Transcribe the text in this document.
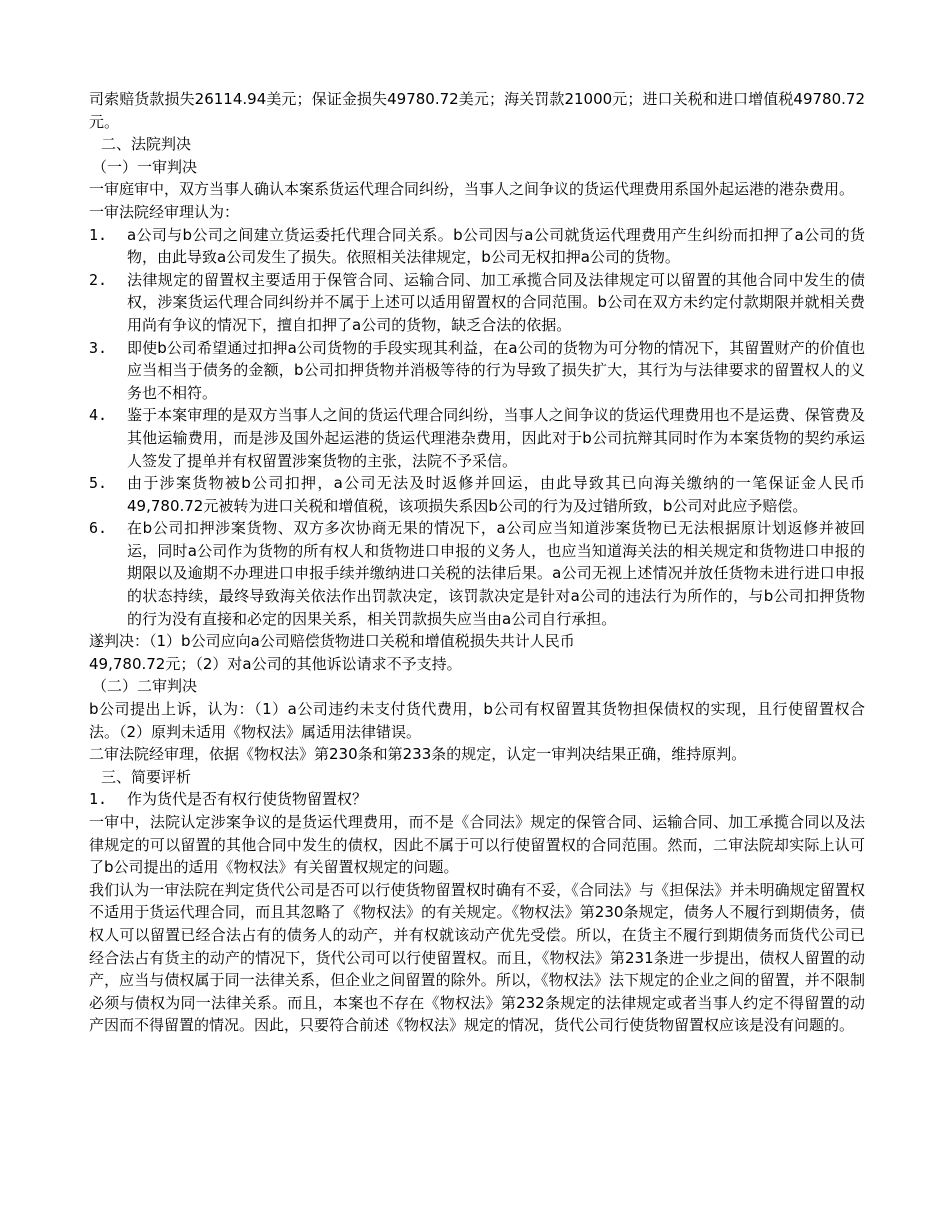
司索赔货款损失26114.94美元；保证金损失49780.72美元；海关罚款21000元；进口关税和进口增值税49780.72元。

二、法院判决

（一）一审判决

一审庭审中，双方当事人确认本案系货运代理合同纠纷，当事人之间争议的货运代理费用系国外起运港的港杂费用。

一审法院经审理认为：

1.	a公司与b公司之间建立货运委托代理合同关系。b公司因与a公司就货运代理费用产生纠纷而扣押了a公司的货物，由此导致a公司发生了损失。依照相关法律规定，b公司无权扣押a公司的货物。
2.	法律规定的留置权主要适用于保管合同、运输合同、加工承揽合同及法律规定可以留置的其他合同中发生的债权，涉案货运代理合同纠纷并不属于上述可以适用留置权的合同范围。b公司在双方未约定付款期限并就相关费用尚有争议的情况下，擅自扣押了a公司的货物，缺乏合法的依据。
3.	即使b公司希望通过扣押a公司货物的手段实现其利益，在a公司的货物为可分物的情况下，其留置财产的价值也应当相当于债务的金额，b公司扣押货物并消极等待的行为导致了损失扩大，其行为与法律要求的留置权人的义务也不相符。
4.	鉴于本案审理的是双方当事人之间的货运代理合同纠纷，当事人之间争议的货运代理费用也不是运费、保管费及其他运输费用，而是涉及国外起运港的货运代理港杂费用，因此对于b公司抗辩其同时作为本案货物的契约承运人签发了提单并有权留置涉案货物的主张，法院不予采信。
5.	由于涉案货物被b公司扣押，a公司无法及时返修并回运，由此导致其已向海关缴纳的一笔保证金人民币49,780.72元被转为进口关税和增值税，该项损失系因b公司的行为及过错所致，b公司对此应予赔偿。
6.	在b公司扣押涉案货物、双方多次协商无果的情况下，a公司应当知道涉案货物已无法根据原计划返修并被回运，同时a公司作为货物的所有权人和货物进口申报的义务人，也应当知道海关法的相关规定和货物进口申报的期限以及逾期不办理进口申报手续并缴纳进口关税的法律后果。a公司无视上述情况并放任货物未进行进口申报的状态持续，最终导致海关依法作出罚款决定，该罚款决定是针对a公司的违法行为所作的，与b公司扣押货物的行为没有直接和必定的因果关系，相关罚款损失应当由a公司自行承担。

遂判决：（1）b公司应向a公司赔偿货物进口关税和增值税损失共计人民币

49,780.72元；（2）对a公司的其他诉讼请求不予支持。

（二）二审判决

b公司提出上诉，认为：（1）a公司违约未支付货代费用，b公司有权留置其货物担保债权的实现，且行使留置权合法。（2）原判未适用《物权法》属适用法律错误。

二审法院经审理，依据《物权法》第230条和第233条的规定，认定一审判决结果正确，维持原判。

三、简要评析

1. 作为货代是否有权行使货物留置权？

一审中，法院认定涉案争议的是货运代理费用，而不是《合同法》规定的保管合同、运输合同、加工承揽合同以及法律规定的可以留置的其他合同中发生的债权，因此不属于可以行使留置权的合同范围。然而，二审法院却实际上认可了b公司提出的适用《物权法》有关留置权规定的问题。

我们认为一审法院在判定货代公司是否可以行使货物留置权时确有不妥，《合同法》与《担保法》并未明确规定留置权不适用于货运代理合同，而且其忽略了《物权法》的有关规定。《物权法》第230条规定，债务人不履行到期债务，债权人可以留置已经合法占有的债务人的动产，并有权就该动产优先受偿。所以，在货主不履行到期债务而货代公司已经合法占有货主的动产的情况下，货代公司可以行使留置权。而且，《物权法》第231条进一步提出，债权人留置的动产，应当与债权属于同一法律关系，但企业之间留置的除外。所以，《物权法》法下规定的企业之间的留置，并不限制必须与债权为同一法律关系。而且，本案也不存在《物权法》第232条规定的法律规定或者当事人约定不得留置的动产因而不得留置的情况。因此，只要符合前述《物权法》规定的情况，货代公司行使货物留置权应该是没有问题的。
